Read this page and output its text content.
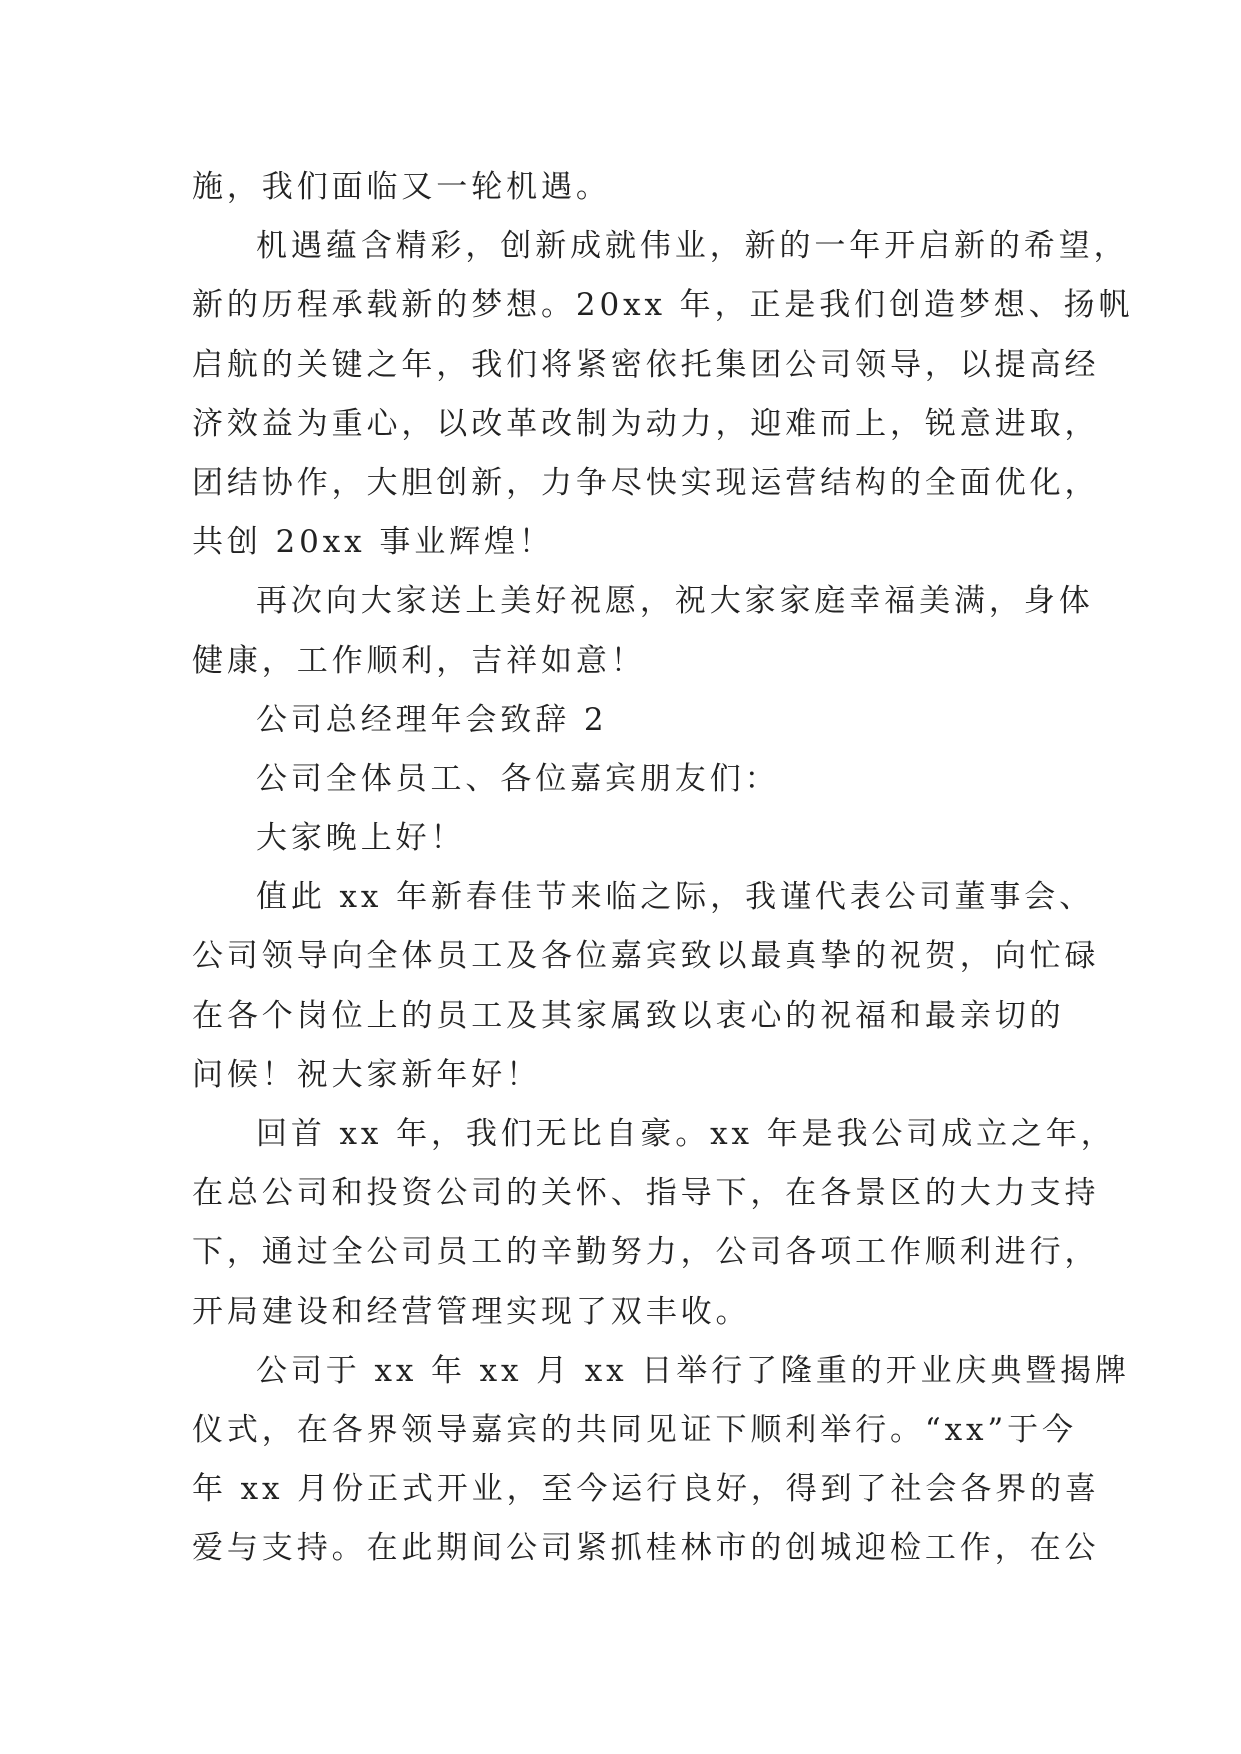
施，我们面临又一轮机遇。
机遇蕴含精彩，创新成就伟业，新的一年开启新的希望，
新的历程承载新的梦想。20xx 年，正是我们创造梦想、扬帆
启航的关键之年，我们将紧密依托集团公司领导，以提高经
济效益为重心，以改革改制为动力，迎难而上，锐意进取，
团结协作，大胆创新，力争尽快实现运营结构的全面优化，
共创 20xx 事业辉煌！
再次向大家送上美好祝愿，祝大家家庭幸福美满，身体
健康，工作顺利，吉祥如意！
公司总经理年会致辞 2
公司全体员工、各位嘉宾朋友们：
大家晚上好！
值此 xx 年新春佳节来临之际，我谨代表公司董事会、
公司领导向全体员工及各位嘉宾致以最真挚的祝贺，向忙碌
在各个岗位上的员工及其家属致以衷心的祝福和最亲切的
问候！祝大家新年好！
回首 xx 年，我们无比自豪。xx 年是我公司成立之年，
在总公司和投资公司的关怀、指导下，在各景区的大力支持
下，通过全公司员工的辛勤努力，公司各项工作顺利进行，
开局建设和经营管理实现了双丰收。
公司于 xx 年 xx 月 xx 日举行了隆重的开业庆典暨揭牌
仪式，在各界领导嘉宾的共同见证下顺利举行。“xx”于今
年 xx 月份正式开业，至今运行良好，得到了社会各界的喜
爱与支持。在此期间公司紧抓桂林市的创城迎检工作，在公
